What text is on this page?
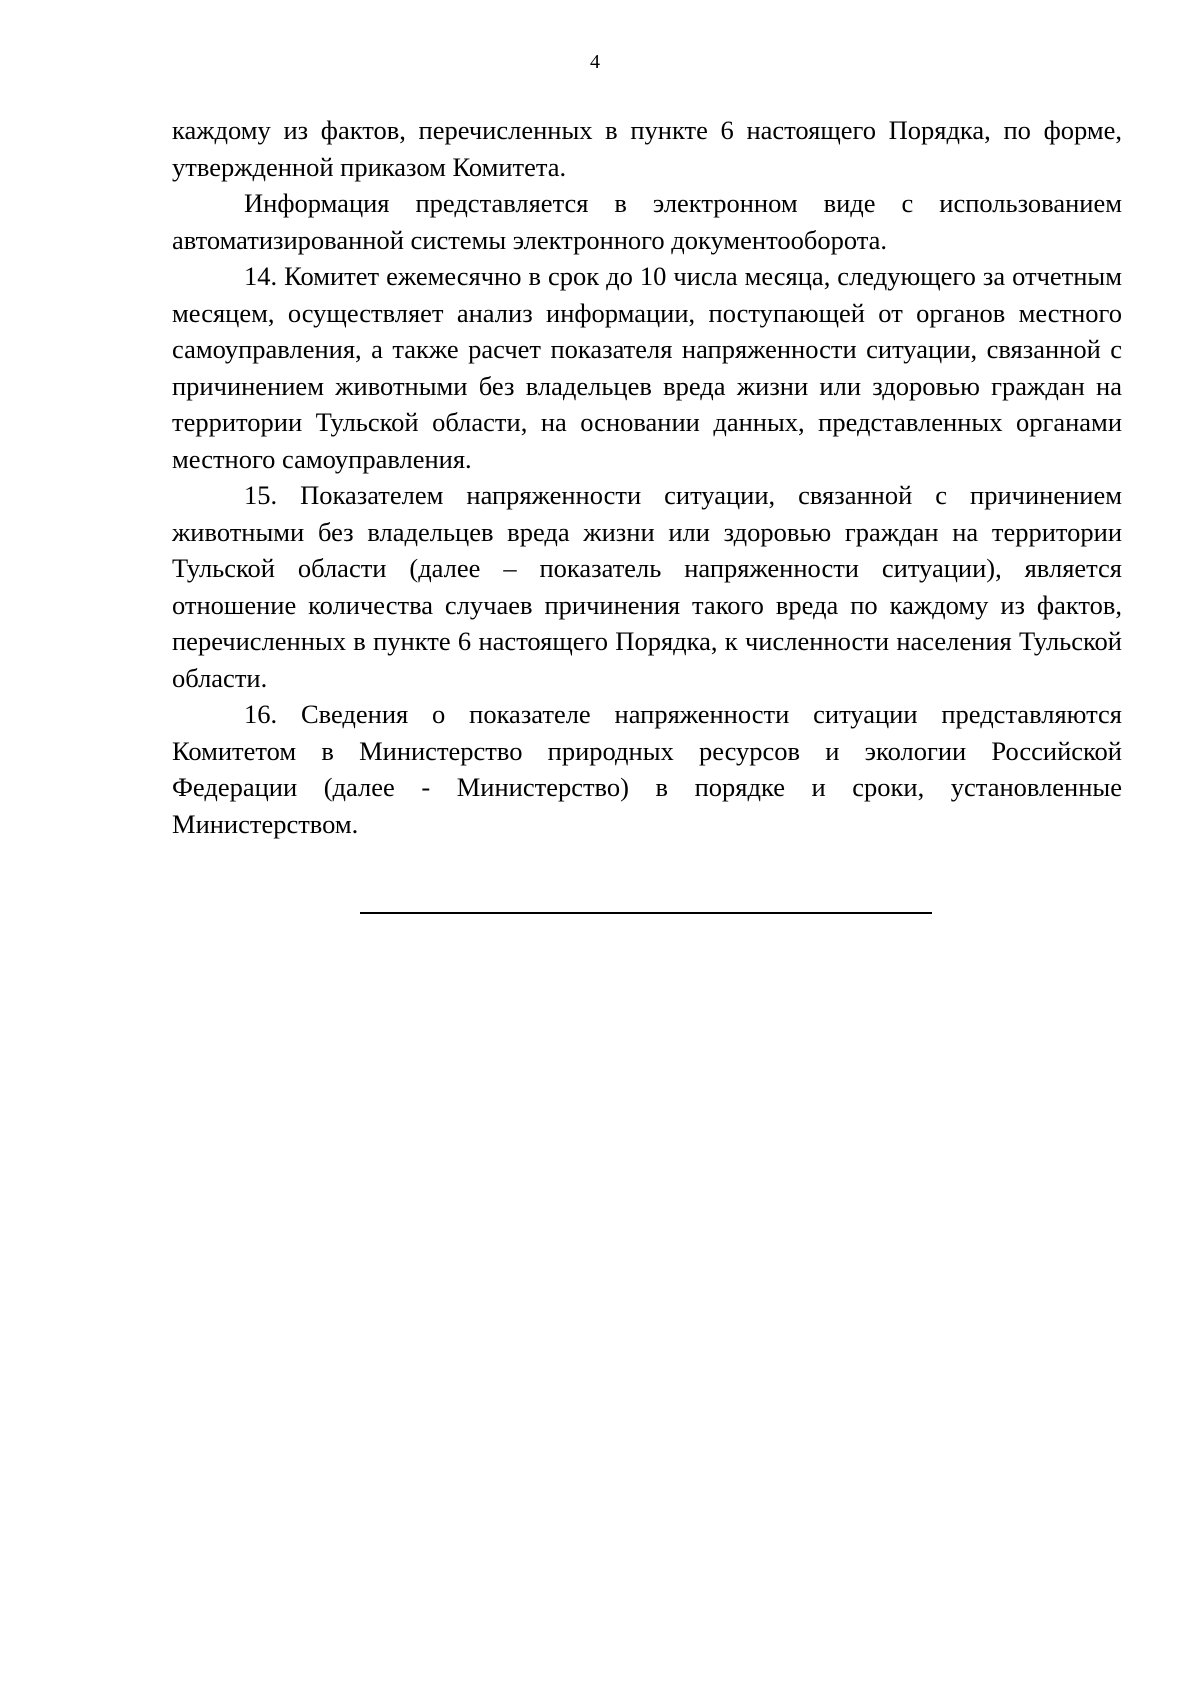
4

каждому из фактов, перечисленных в пункте 6 настоящего Порядка, по форме, утвержденной приказом Комитета.

Информация представляется в электронном виде с использованием автоматизированной системы электронного документооборота.

14. Комитет ежемесячно в срок до 10 числа месяца, следующего за отчетным месяцем, осуществляет анализ информации, поступающей от органов местного самоуправления, а также расчет показателя напряженности ситуации, связанной с причинением животными без владельцев вреда жизни или здоровью граждан на территории Тульской области, на основании данных, представленных органами местного самоуправления.

15. Показателем напряженности ситуации, связанной с причинением животными без владельцев вреда жизни или здоровью граждан на территории Тульской области (далее – показатель напряженности ситуации), является отношение количества случаев причинения такого вреда по каждому из фактов, перечисленных в пункте 6 настоящего Порядка, к численности населения Тульской области.

16. Сведения о показателе напряженности ситуации представляются Комитетом в Министерство природных ресурсов и экологии Российской Федерации (далее - Министерство) в порядке и сроки, установленные Министерством.
